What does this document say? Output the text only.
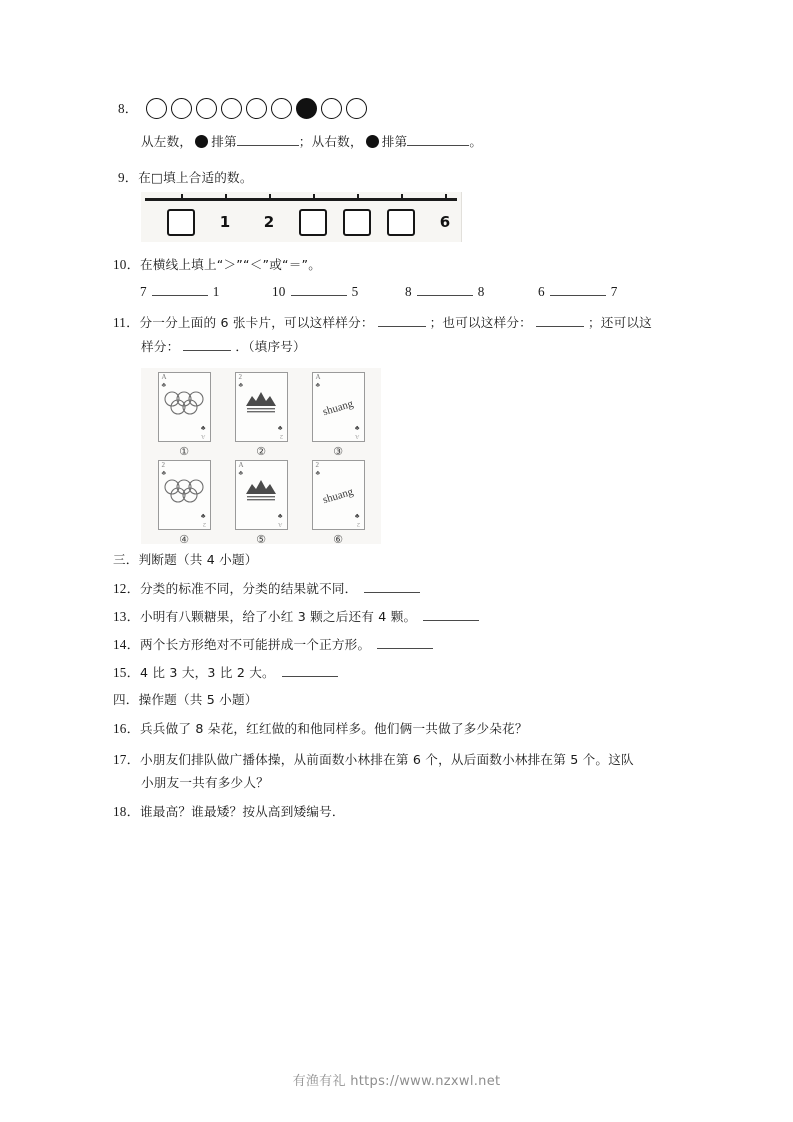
8．
从左数， 排第	；从右数， 排第	。
9．在□填上合适的数。
1	2	6
10．在横线上填上“＞”“＜”或“＝”。
7	1	10	5	8	8	6	7
11．分一分上面的 6 张卡片，可以这样样分：	；也可以这样分：	；还可以这
样分：	．（填序号）
A
♣
♣
A
①
2
♣
♣
2
②
A
♣
shuang
♣
A
③
2
♣
♣
2
④
A
♣
♣
A
⑤
2
♣
shuang
♣
2
⑥
三．判断题（共 4 小题）
12．分类的标准不同，分类的结果就不同．
13．小明有八颗糖果，给了小红 3 颗之后还有 4 颗。
14．两个长方形绝对不可能拼成一个正方形。
15．4 比 3 大，3 比 2 大。
四．操作题（共 5 小题）
16．兵兵做了 8 朵花，红红做的和他同样多。他们俩一共做了多少朵花？
17．小朋友们排队做广播体操，从前面数小林排在第 6 个，从后面数小林排在第 5 个。这队
小朋友一共有多少人？
18．谁最高？谁最矮？按从高到矮编号．
有渔有礼 https://www.nzxwl.net
